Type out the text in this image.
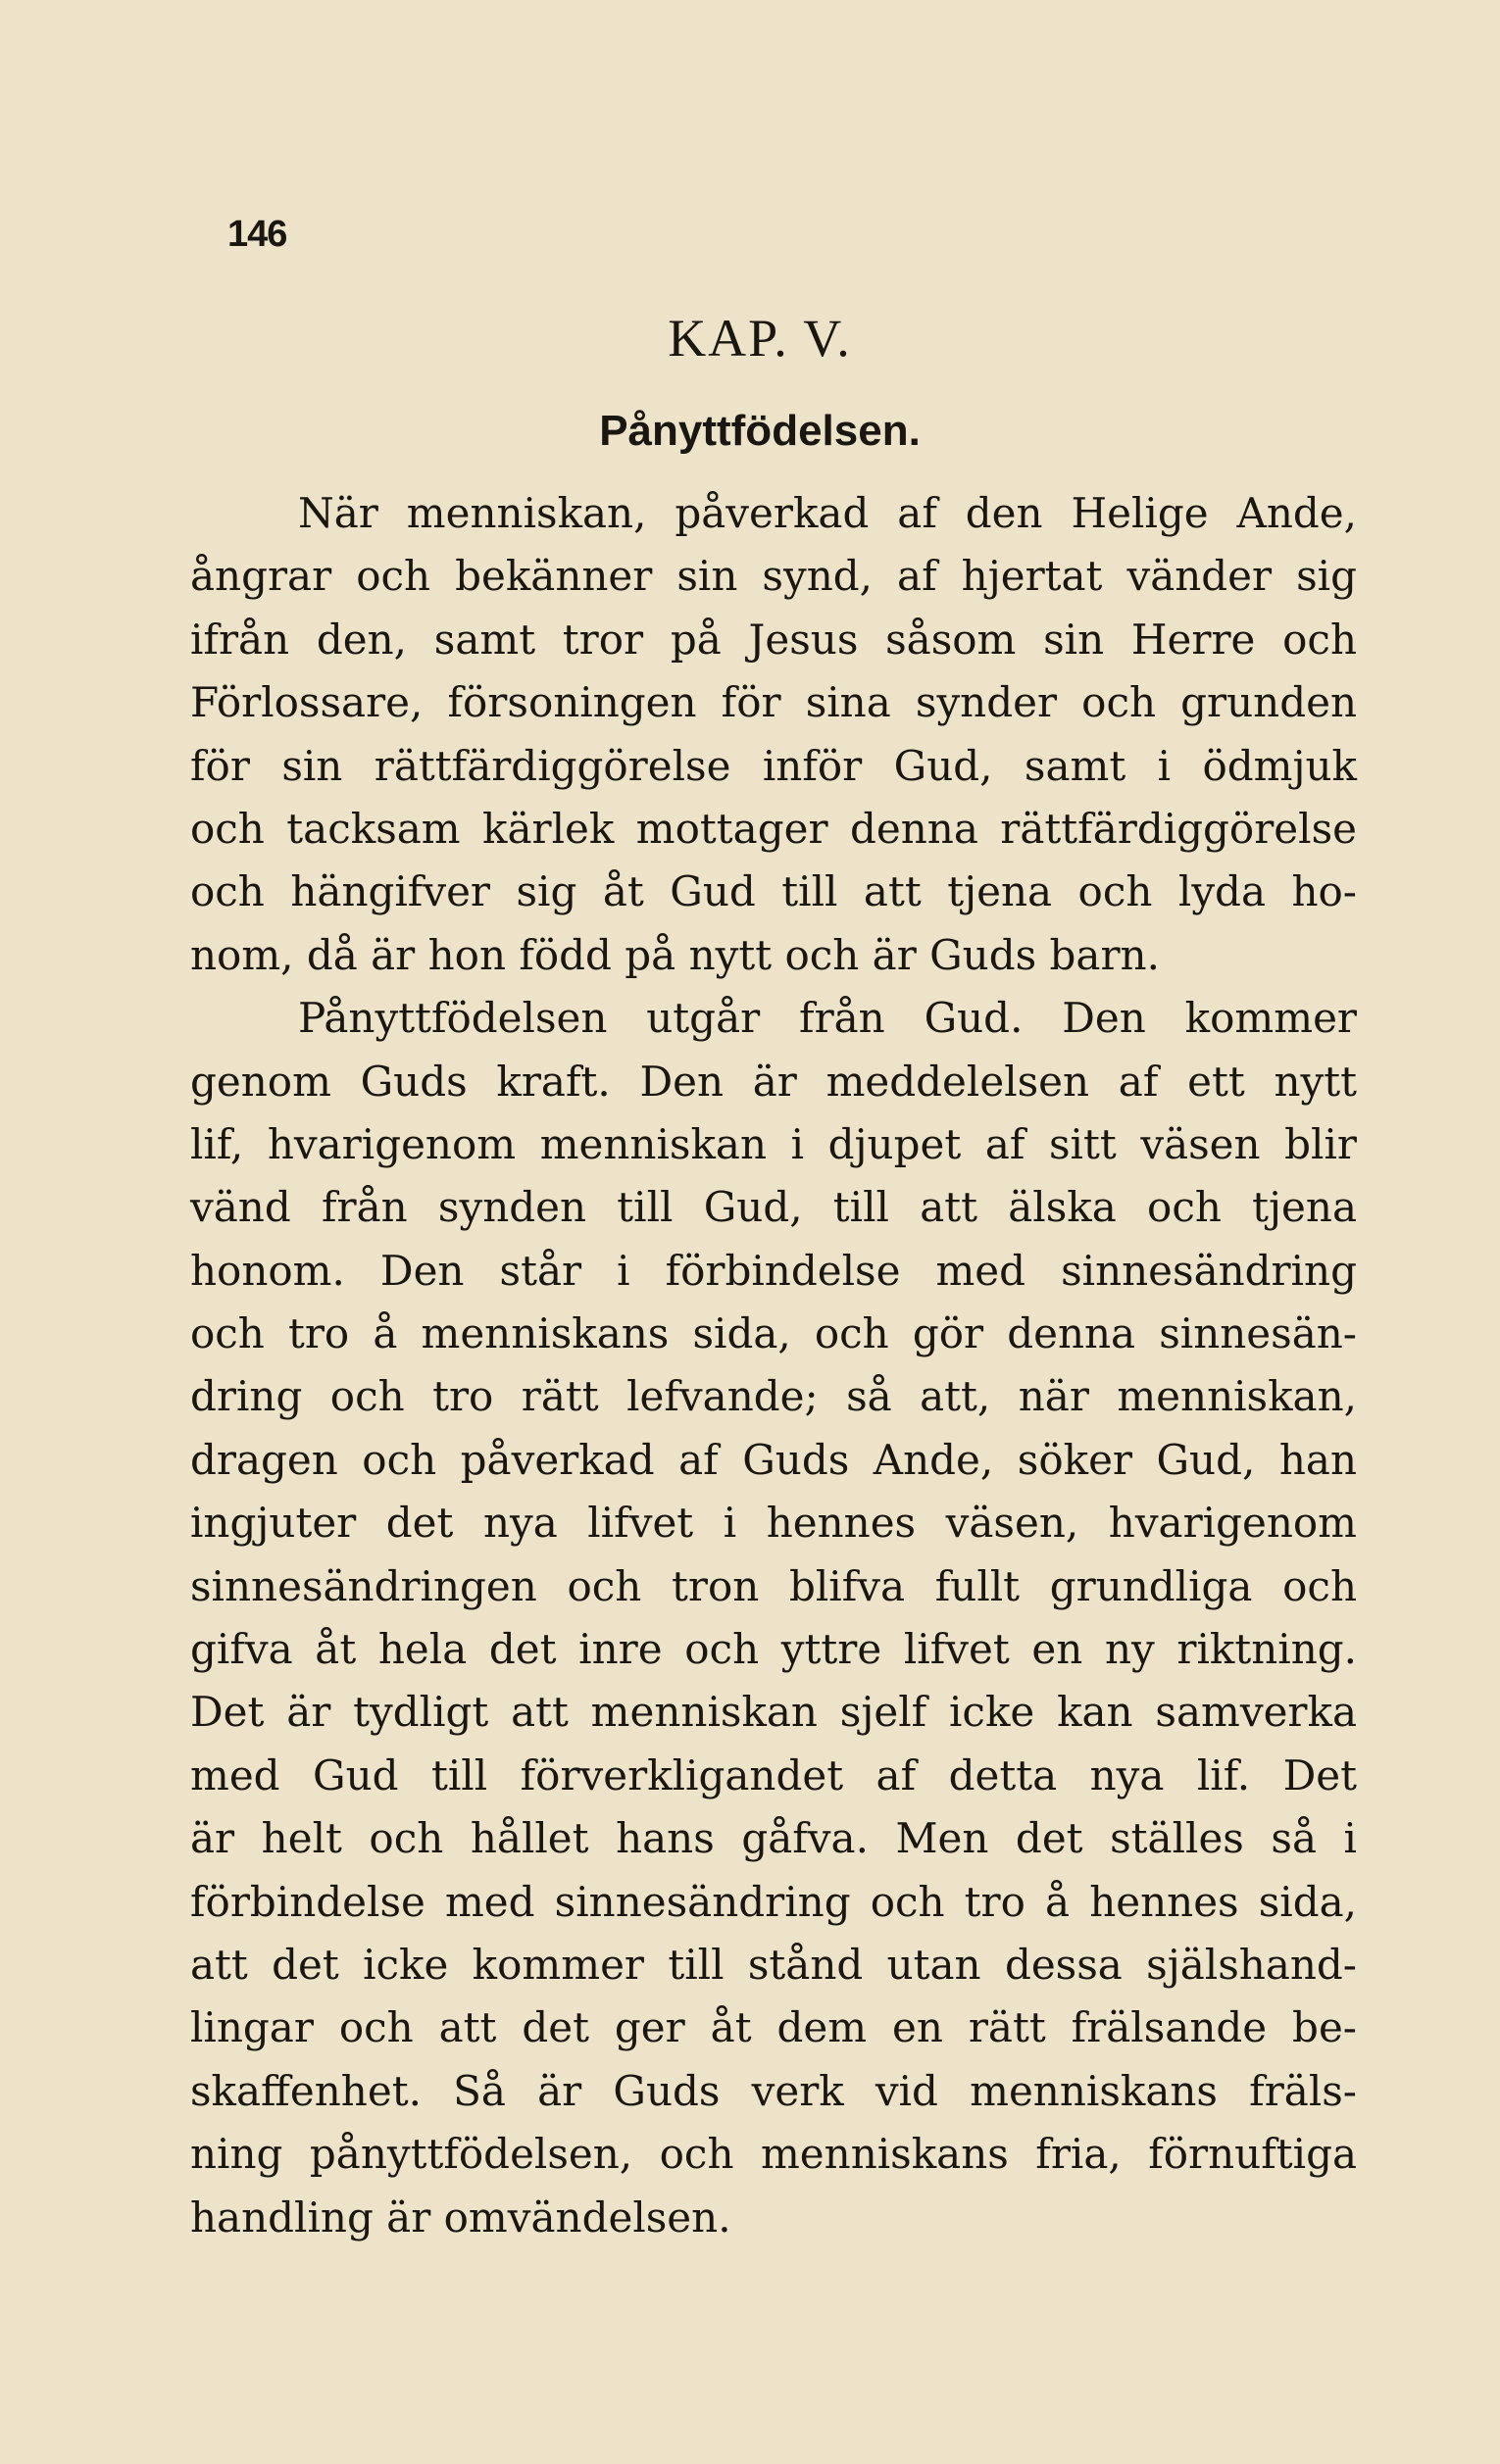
146
KAP. V.
Pånyttfödelsen.
När menniskan, påverkad af den Helige Ande,
ångrar och bekänner sin synd, af hjertat vänder sig
ifrån den, samt tror på Jesus såsom sin Herre och
Förlossare, försoningen för sina synder och grunden
för sin rättfärdiggörelse inför Gud, samt i ödmjuk
och tacksam kärlek mottager denna rättfärdiggörelse
och hängifver sig åt Gud till att tjena och lyda ho-
nom, då är hon född på nytt och är Guds barn.
Pånyttfödelsen utgår från Gud. Den kommer
genom Guds kraft. Den är meddelelsen af ett nytt
lif, hvarigenom menniskan i djupet af sitt väsen blir
vänd från synden till Gud, till att älska och tjena
honom. Den står i förbindelse med sinnesändring
och tro å menniskans sida, och gör denna sinnesän-
dring och tro rätt lefvande; så att, när menniskan,
dragen och påverkad af Guds Ande, söker Gud, han
ingjuter det nya lifvet i hennes väsen, hvarigenom
sinnesändringen och tron blifva fullt grundliga och
gifva åt hela det inre och yttre lifvet en ny riktning.
Det är tydligt att menniskan sjelf icke kan samverka
med Gud till förverkligandet af detta nya lif. Det
är helt och hållet hans gåfva. Men det ställes så i
förbindelse med sinnesändring och tro å hennes sida,
att det icke kommer till stånd utan dessa själshand-
lingar och att det ger åt dem en rätt frälsande be-
skaffenhet. Så är Guds verk vid menniskans fräls-
ning pånyttfödelsen, och menniskans fria, förnuftiga
handling är omvändelsen.
